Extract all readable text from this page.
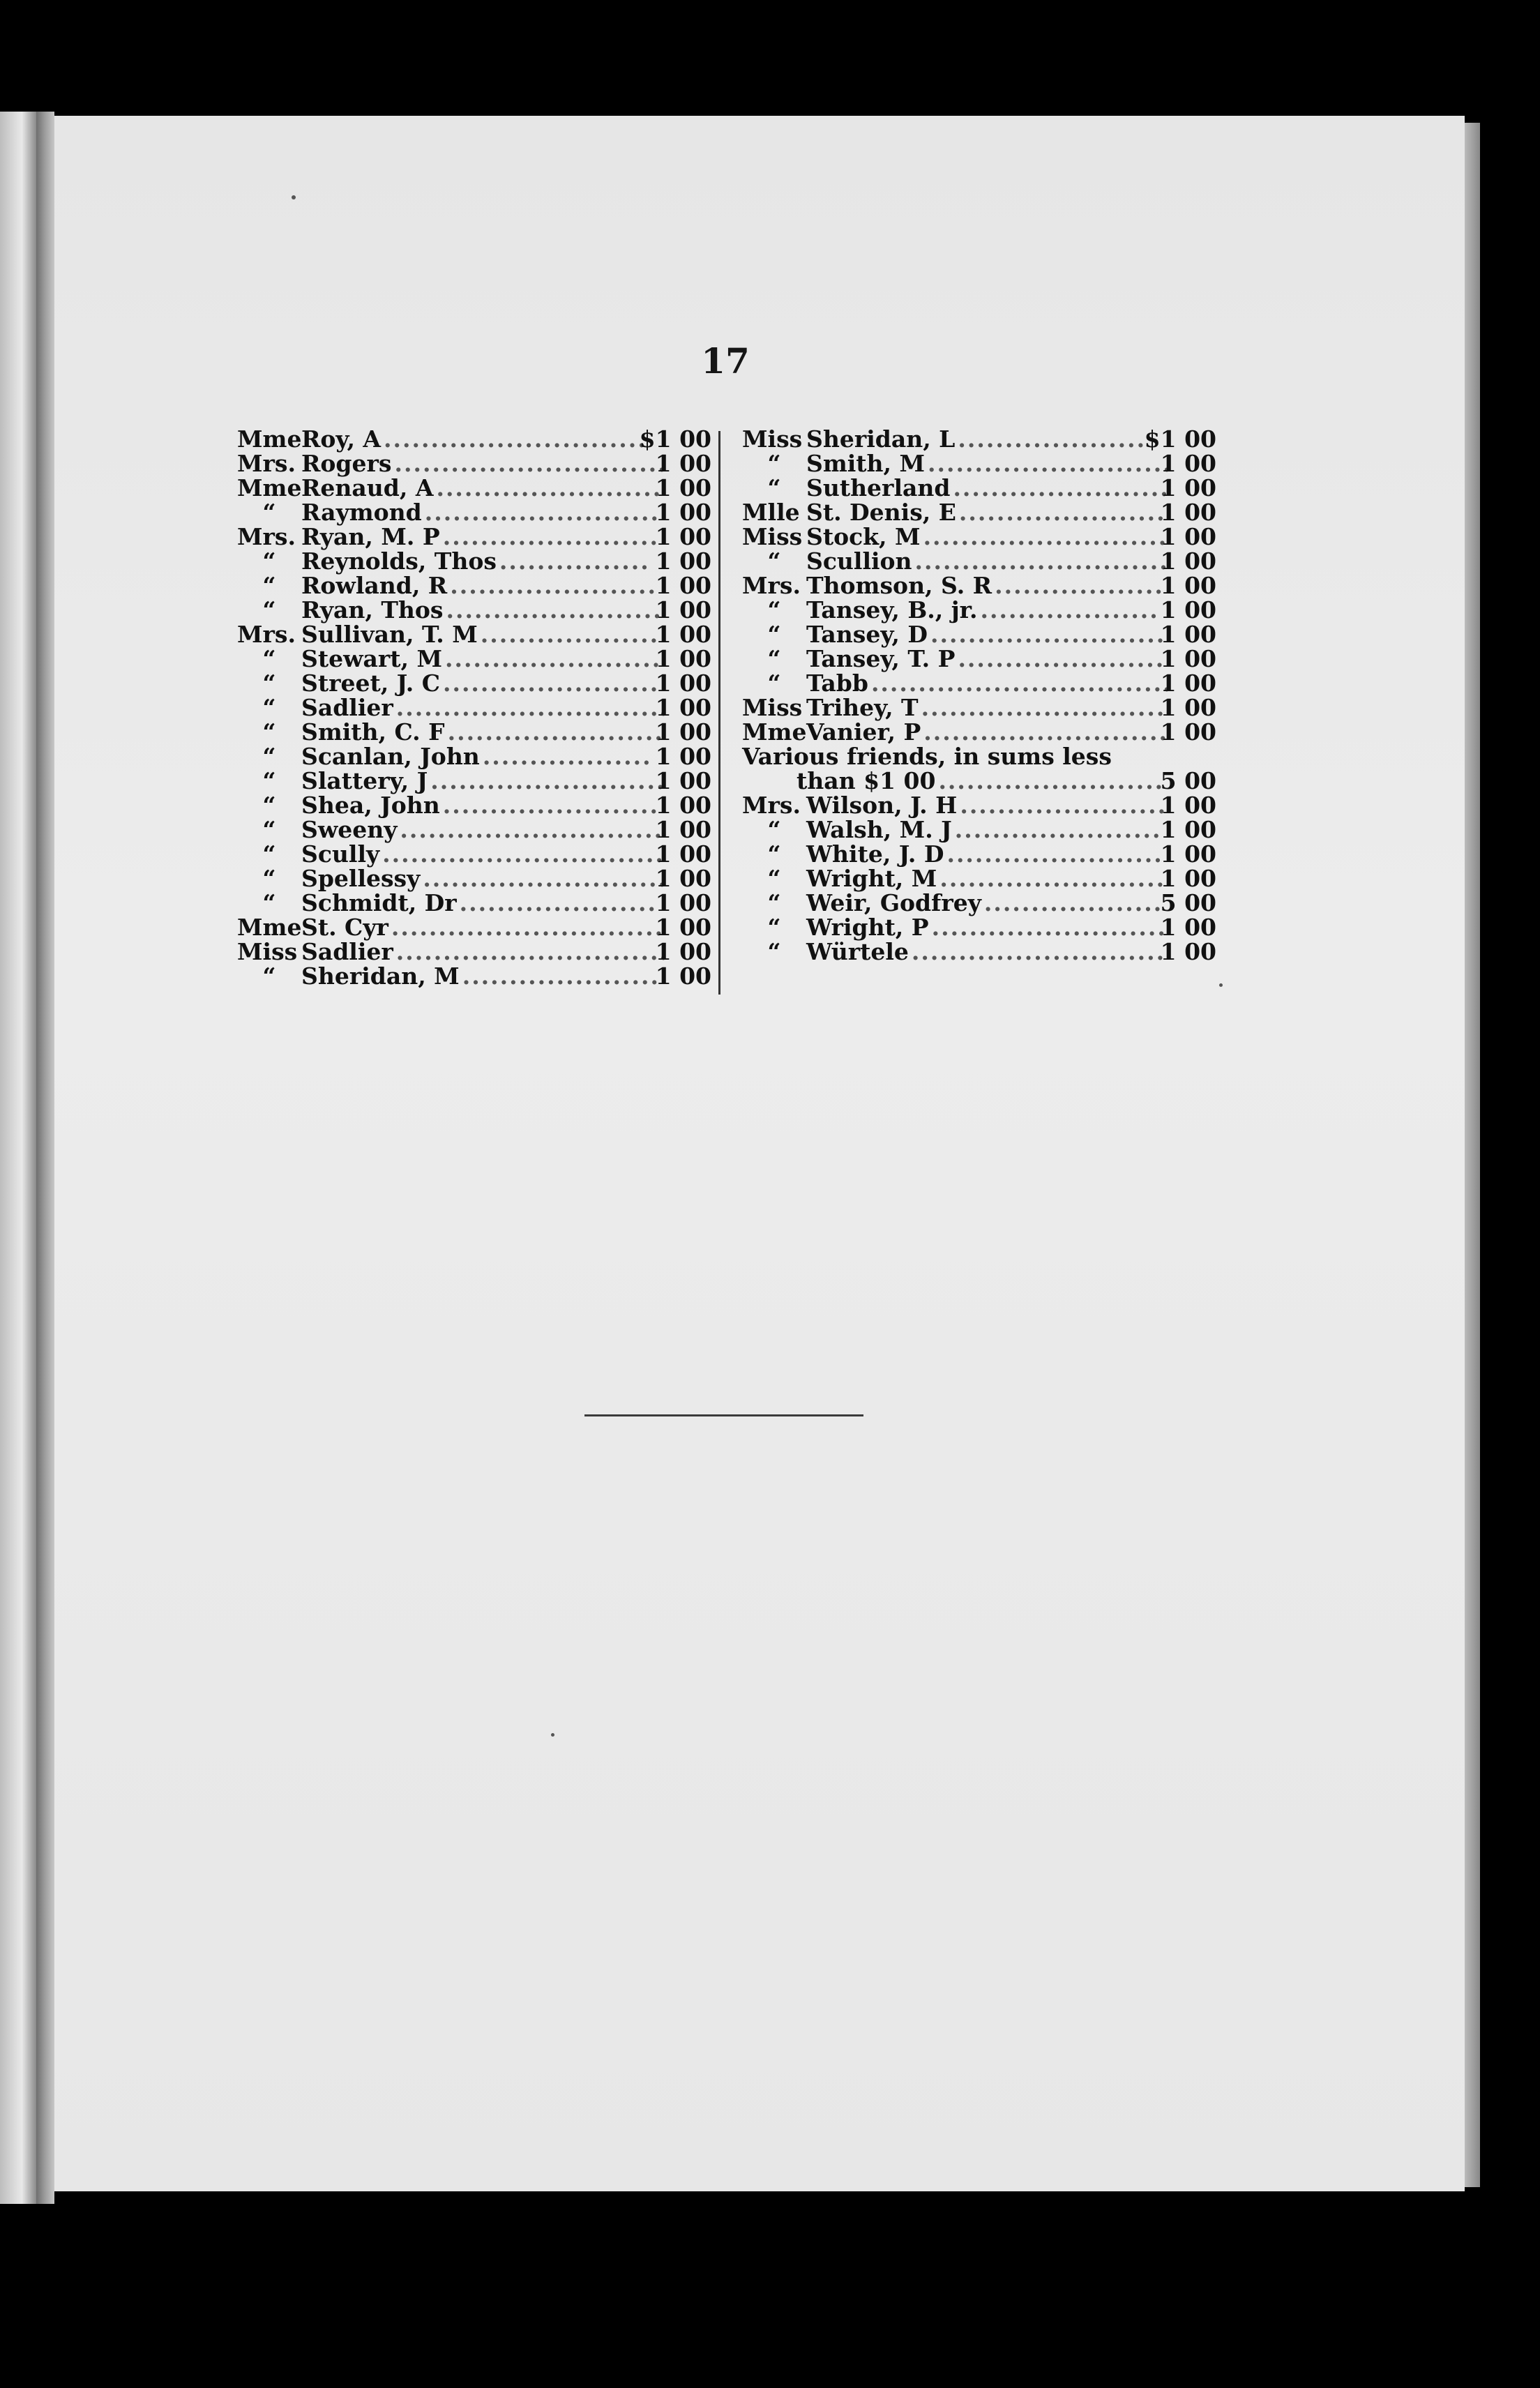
17
MmeRoy, A............................
$1 00
Mrs. Rogers.............................
1 00
MmeRenaud, A........................
1 00
“ Raymond.........................
1 00
Mrs. Ryan, M. P.......................
1 00
“ Reynolds, Thos................ 1 00
“ Rowland, R......................
1 00
“ Ryan, Thos.......................
1 00
Mrs. Sullivan, T. M...................
1 00
“ Stewart, M.......................
1 00
“ Street, J. C.......................
1 00
“ Sadlier.............................
1 00
“ Smith, C. F.......................
1 00
“ Scanlan, John.................. 1 00
“ Slattery, J.........................
1 00
“ Shea, John.......................
1 00
“ Sweeny............................
1 00
“ Scully..............................
1 00
“ Spellessy..........................
1 00
“ Schmidt, Dr.....................
1 00
MmeSt. Cyr.............................
1 00
Miss Sadlier.............................
1 00
“ Sheridan, M.....................
1 00
Miss Sheridan, L....................
$1 00
“ Smith, M..........................
1 00
“ Sutherland.......................
1 00
Mlle St. Denis, E......................
1 00
Miss Stock, M..........................
1 00
“ Scullion...........................
1 00
Mrs. Thomson, S. R..................
1 00
“ Tansey, B., jr.................... 1 00
“ Tansey, D.........................
1 00
“ Tansey, T. P......................
1 00
“ Tabb................................
1 00
Miss Trihey, T..........................
1 00
MmeVanier, P..........................
1 00
Various friends, in sums less
than $1 00........................
5 00
Mrs. Wilson, J. H......................
1 00
“ Walsh, M. J......................
1 00
“ White, J. D.......................
1 00
“ Wright, M........................
1 00
“ Weir, Godfrey...................
5 00
“ Wright, P.........................
1 00
“ Würtele...........................
1 00
